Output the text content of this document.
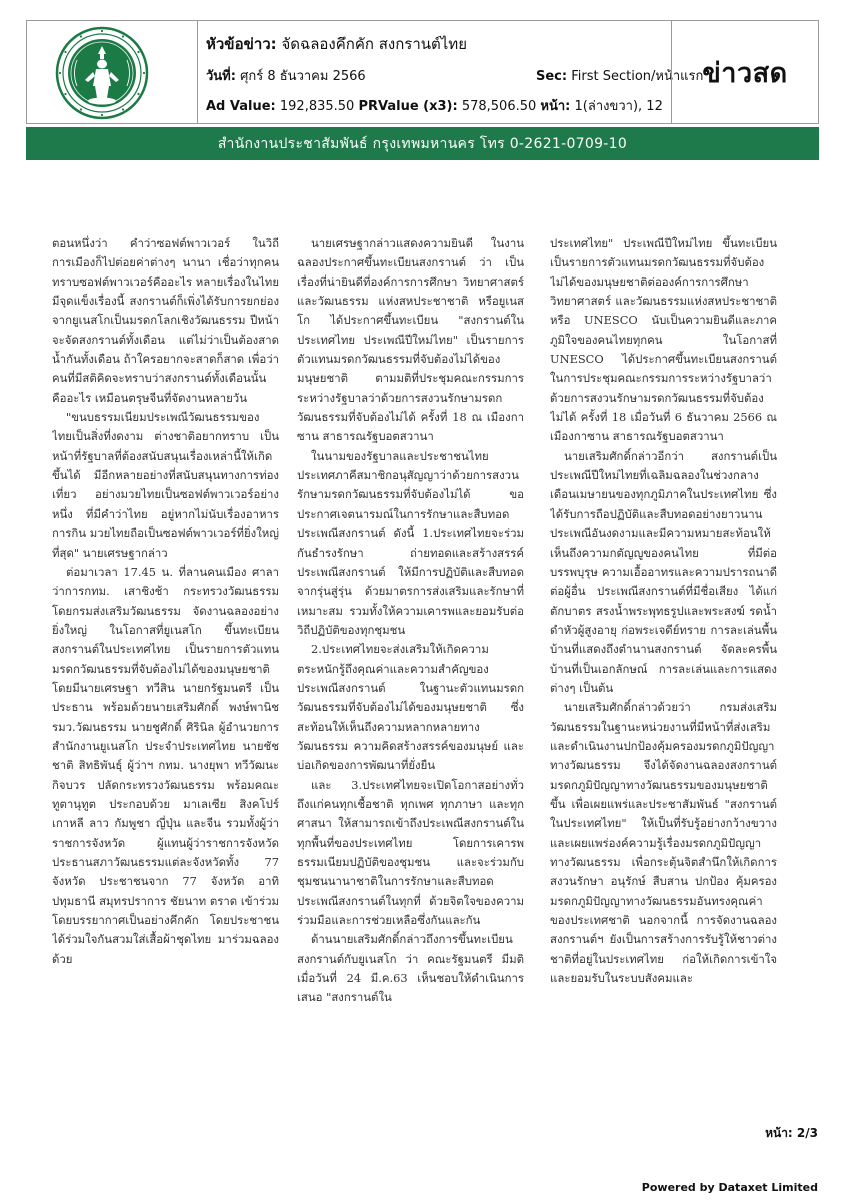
หัวข้อข่าว: จัดฉลองคึกคัก สงกรานต์ไทย
วันที่: ศุกร์ 8 ธันวาคม 2566	Sec: First Section/หน้าแรก
Ad Value: 192,835.50 PRValue (x3): 578,506.50 หน้า: 1(ล่างขวา), 12
ข่าวสด
สำนักงานประชาสัมพันธ์ กรุงเทพมหานคร โทร 0-2621-0709-10

ตอนหนึ่งว่า คำว่าซอฟต์พาวเวอร์ ในวิถีการเมืองก็ไปต่อยค่าต่างๆ นานา เชื่อว่าทุกคนทราบซอฟต์พาวเวอร์คืออะไร หลายเรื่องในไทยมีจุดแข็งเรื่องนี้ สงกรานต์ก็เพิ่งได้รับการยกย่องจากยูเนสโกเป็นมรดกโลกเชิงวัฒนธรรม ปีหน้าจะจัดสงกรานต์ทั้งเดือน แต่ไม่ว่าเป็นต้องสาดน้ำกันทั้งเดือน ถ้าใครอยากจะสาดก็สาด เพื่อว่าคนที่มีสติคิดจะทราบว่าสงกรานต์ทั้งเดือนนั้นคืออะไร เหมือนตรุษจีนที่จัดงานหลายวัน

"ขนบธรรมเนียมประเพณีวัฒนธรรมของไทยเป็นสิ่งที่งดงาม ต่างชาติอยากทราบ เป็นหน้าที่รัฐบาลที่ต้องสนับสนุนเรื่องเหล่านี้ให้เกิดขึ้นได้ มีอีกหลายอย่างที่สนับสนุนทางการท่องเที่ยว อย่างมวยไทยเป็นซอฟต์พาวเวอร์อย่างหนึ่ง ที่มีคำว่าไทย อยู่หากไม่นับเรื่องอาหารการกิน มวยไทยถือเป็นซอฟต์พาวเวอร์ที่ยิ่งใหญ่ที่สุด" นายเศรษฐากล่าว

ต่อมาเวลา 17.45 น. ที่ลานคนเมือง ศาลาว่าการกทม. เสาชิงช้า กระทรวงวัฒนธรรม โดยกรมส่งเสริมวัฒนธรรม จัดงานฉลองอย่างยิ่งใหญ่ ในโอกาสที่ยูเนสโก ขึ้นทะเบียน สงกรานต์ในประเทศไทย เป็นรายการตัวแทนมรดกวัฒนธรรมที่จับต้องไม่ได้ของมนุษยชาติ โดยมีนายเศรษฐา ทวีสิน นายกรัฐมนตรี เป็นประธาน พร้อมด้วยนายเสริมศักดิ์ พงษ์พานิช รมว.วัฒนธรรม นายชูศักดิ์ ศิรินิล ผู้อำนวยการสำนักงานยูเนสโก ประจำประเทศไทย นายชัชชาติ สิทธิพันธุ์ ผู้ว่าฯ กทม. นางยุพา ทวีวัฒนะกิจบวร ปลัดกระทรวงวัฒนธรรม พร้อมคณะทูตานุทูต ประกอบด้วย มาเลเซีย สิงคโปร์ เกาหลี ลาว กัมพูชา ญี่ปุ่น และจีน รวมทั้งผู้ว่าราชการจังหวัด ผู้แทนผู้ว่าราชการจังหวัด ประธานสภาวัฒนธรรมแต่ละจังหวัดทั้ง 77 จังหวัด ประชาชนจาก 77 จังหวัด อาทิ ปทุมธานี สมุทรปราการ ชัยนาท ตราด เข้าร่วม โดยบรรยากาศเป็นอย่างคึกคัก โดยประชาชนได้ร่วมใจกันสวมใส่เสื้อผ้าชุดไทย มาร่วมฉลองด้วย

นายเศรษฐากล่าวแสดงความยินดี ในงานฉลองประกาศขึ้นทะเบียนสงกรานต์ ว่า เป็นเรื่องที่น่ายินดีที่องค์การการศึกษา วิทยาศาสตร์ และวัฒนธรรม แห่งสหประชาชาติ หรือยูเนสโก ได้ประกาศขึ้นทะเบียน "สงกรานต์ในประเทศไทย ประเพณีปีใหม่ไทย" เป็นรายการตัวแทนมรดกวัฒนธรรมที่จับต้องไม่ได้ของมนุษยชาติ ตามมติที่ประชุมคณะกรรมการระหว่างรัฐบาลว่าด้วยการสงวนรักษามรดกวัฒนธรรมที่จับต้องไม่ได้ ครั้งที่ 18 ณ เมืองกาซาน สาธารณรัฐบอตสวานา

ในนามของรัฐบาลและประชาชนไทย ประเทศภาคีสมาชิกอนุสัญญาว่าด้วยการสงวนรักษามรดกวัฒนธรรมที่จับต้องไม่ได้ ขอประกาศเจตนารมณ์ในการรักษาและสืบทอดประเพณีสงกรานต์ ดังนี้ 1.ประเทศไทยจะร่วมกันธำรงรักษา ถ่ายทอดและสร้างสรรค์ ประเพณีสงกรานต์ ให้มีการปฏิบัติและสืบทอดจากรุ่นสู่รุ่น ด้วยมาตรการส่งเสริมและรักษาที่เหมาะสม รวมทั้งให้ความเคารพและยอมรับต่อวิถีปฏิบัติของทุกชุมชน

2.ประเทศไทยจะส่งเสริมให้เกิดความตระหนักรู้ถึงคุณค่าและความสำคัญของประเพณีสงกรานต์ ในฐานะตัวแทนมรดกวัฒนธรรมที่จับต้องไม่ได้ของมนุษยชาติ ซึ่งสะท้อนให้เห็นถึงความหลากหลายทางวัฒนธรรม ความคิดสร้างสรรค์ของมนุษย์ และบ่อเกิดของการพัฒนาที่ยั่งยืน

และ 3.ประเทศไทยจะเปิดโอกาสอย่างทั่วถึงแก่คนทุกเชื้อชาติ ทุกเพศ ทุกภาษา และทุกศาสนา ให้สามารถเข้าถึงประเพณีสงกรานต์ในทุกพื้นที่ของประเทศไทย โดยการเคารพธรรมเนียมปฏิบัติของชุมชน และจะร่วมกับชุมชนนานาชาติในการรักษาและสืบทอดประเพณีสงกรานต์ในทุกที่ ด้วยจิตใจของความร่วมมือและการช่วยเหลือซึ่งกันและกัน

ด้านนายเสริมศักดิ์กล่าวถึงการขึ้นทะเบียนสงกรานต์กับยูเนสโก ว่า คณะรัฐมนตรี มีมติเมื่อวันที่ 24 มี.ค.63 เห็นชอบให้ดำเนินการเสนอ "สงกรานต์ใน

ประเทศไทย" ประเพณีปีใหม่ไทย ขึ้นทะเบียนเป็นรายการตัวแทนมรดกวัฒนธรรมที่จับต้องไม่ได้ของมนุษยชาติต่อองค์การการศึกษา วิทยาศาสตร์ และวัฒนธรรมแห่งสหประชาชาติ หรือ UNESCO นับเป็นความยินดีและภาคภูมิใจของคนไทยทุกคน ในโอกาสที่ UNESCO ได้ประกาศขึ้นทะเบียนสงกรานต์ ในการประชุมคณะกรรมการระหว่างรัฐบาลว่าด้วยการสงวนรักษามรดกวัฒนธรรมที่จับต้องไม่ได้ ครั้งที่ 18 เมื่อวันที่ 6 ธันวาคม 2566 ณ เมืองกาซาน สาธารณรัฐบอตสวานา

นายเสริมศักดิ์กล่าวอีกว่า สงกรานต์เป็นประเพณีปีใหม่ไทยที่เฉลิมฉลองในช่วงกลางเดือนเมษายนของทุกภูมิภาคในประเทศไทย ซึ่งได้รับการถือปฏิบัติและสืบทอดอย่างยาวนาน ประเพณีอันงดงามและมีความหมายสะท้อนให้เห็นถึงความกตัญญูของคนไทย ที่มีต่อบรรพบุรุษ ความเอื้ออาทรและความปรารถนาดีต่อผู้อื่น ประเพณีสงกรานต์ที่มีชื่อเสียง ได้แก่ ตักบาตร สรงน้ำพระพุทธรูปและพระสงฆ์ รดน้ำดำหัวผู้สูงอายุ ก่อพระเจดีย์ทราย การละเล่นพื้นบ้านที่แสดงถึงตำนานสงกรานต์ จัดละครพื้นบ้านที่เป็นเอกลักษณ์ การละเล่นและการแสดงต่างๆ เป็นต้น

นายเสริมศักดิ์กล่าวด้วยว่า กรมส่งเสริมวัฒนธรรมในฐานะหน่วยงานที่มีหน้าที่ส่งเสริมและดำเนินงานปกป้องคุ้มครองมรดกภูมิปัญญาทางวัฒนธรรม จึงได้จัดงานฉลองสงกรานต์มรดกภูมิปัญญาทางวัฒนธรรมของมนุษยชาติขึ้น เพื่อเผยแพร่และประชาสัมพันธ์ "สงกรานต์ในประเทศไทย" ให้เป็นที่รับรู้อย่างกว้างขวาง และเผยแพร่องค์ความรู้เรื่องมรดกภูมิปัญญาทางวัฒนธรรม เพื่อกระตุ้นจิตสำนึกให้เกิดการสงวนรักษา อนุรักษ์ สืบสาน ปกป้อง คุ้มครองมรดกภูมิปัญญาทางวัฒนธรรมอันทรงคุณค่าของประเทศชาติ นอกจากนี้ การจัดงานฉลองสงกรานต์ฯ ยังเป็นการสร้างการรับรู้ให้ชาวต่างชาติที่อยู่ในประเทศไทย ก่อให้เกิดการเข้าใจและยอมรับในระบบสังคมและ

หน้า: 2/3
Powered by Dataxet Limited
